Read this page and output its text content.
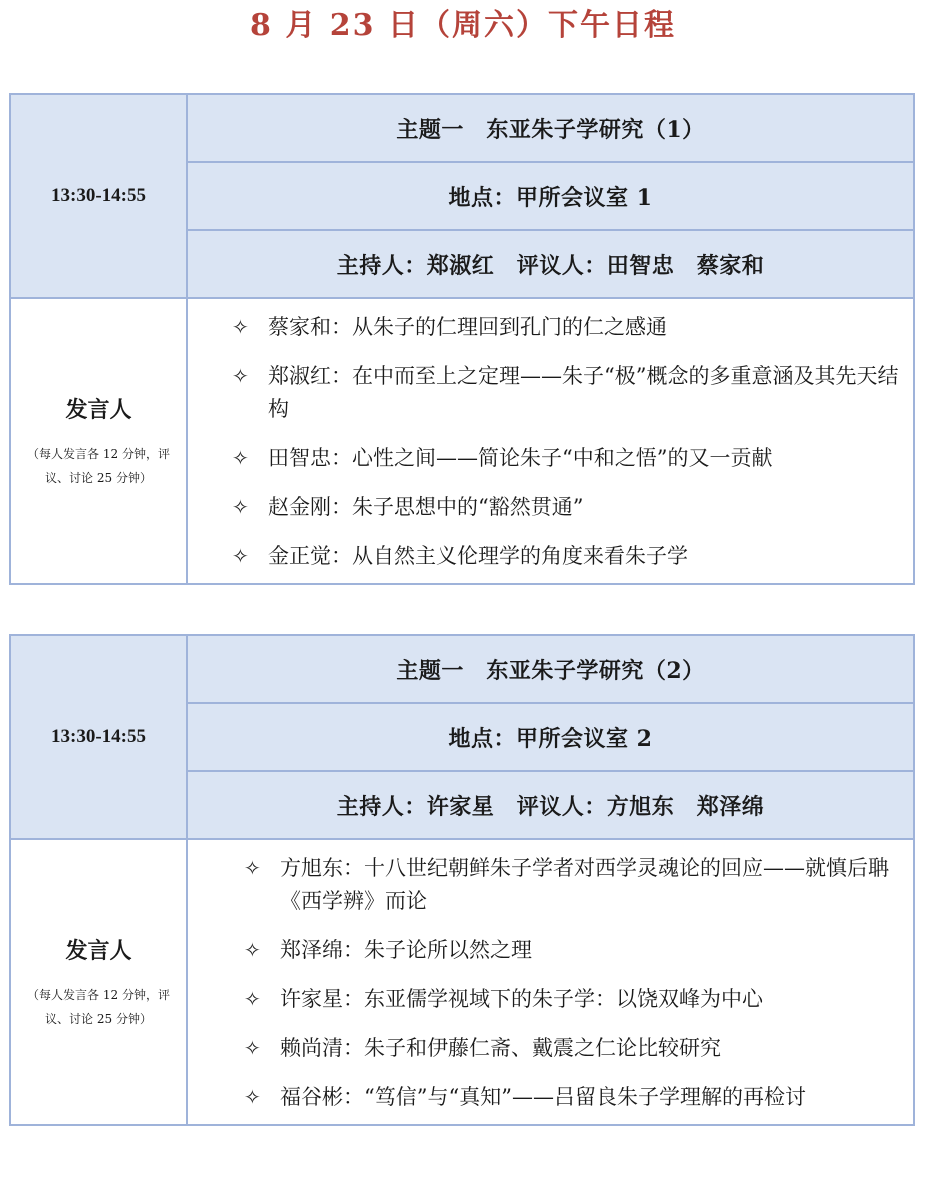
8 月 23 日（周六）下午日程
13:30-14:55
主题一　东亚朱子学研究（1）
地点：甲所会议室 1
主持人：郑淑红　评议人：田智忠　蔡家和
发言人
（每人发言各 12 分钟，评
议、讨论 25 分钟）
✧ 蔡家和：从朱子的仁理回到孔门的仁之感通
✧ 郑淑红：在中而至上之定理——朱子“极”概念的多重意涵及其先天结构
✧ 田智忠：心性之间——简论朱子“中和之悟”的又一贡献
✧ 赵金刚：朱子思想中的“豁然贯通”
✧ 金正觉：从自然主义伦理学的角度来看朱子学
13:30-14:55
主题一　东亚朱子学研究（2）
地点：甲所会议室 2
主持人：许家星　评议人：方旭东　郑泽绵
发言人
（每人发言各 12 分钟，评
议、讨论 25 分钟）
✧ 方旭东：十八世纪朝鲜朱子学者对西学灵魂论的回应——就慎后聃《西学辨》而论
✧ 郑泽绵：朱子论所以然之理
✧ 许家星：东亚儒学视域下的朱子学：以饶双峰为中心
✧ 赖尚清：朱子和伊藤仁斋、戴震之仁论比较研究
✧ 福谷彬：“笃信”与“真知”——吕留良朱子学理解的再检讨
